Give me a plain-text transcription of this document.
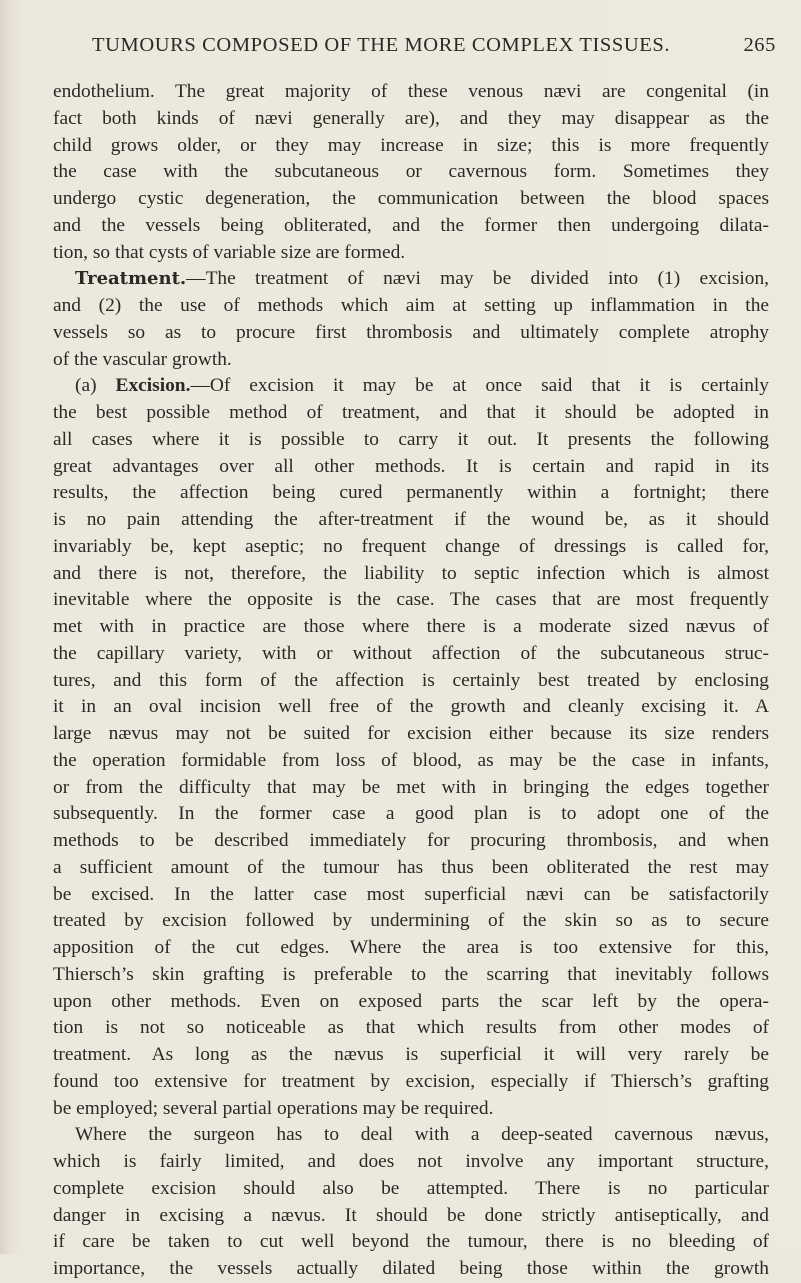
TUMOURS COMPOSED OF THE MORE COMPLEX TISSUES.	265
endothelium. The great majority of these venous nævi are congenital (in
fact both kinds of nævi generally are), and they may disappear as the
child grows older, or they may increase in size; this is more frequently
the case with the subcutaneous or cavernous form. Sometimes they
undergo cystic degeneration, the communication between the blood spaces
and the vessels being obliterated, and the former then undergoing dilata-
tion, so that cysts of variable size are formed.
Treatment.—The treatment of nævi may be divided into (1) excision,
and (2) the use of methods which aim at setting up inflammation in the
vessels so as to procure first thrombosis and ultimately complete atrophy
of the vascular growth.
(a) Excision.—Of excision it may be at once said that it is certainly
the best possible method of treatment, and that it should be adopted in
all cases where it is possible to carry it out. It presents the following
great advantages over all other methods. It is certain and rapid in its
results, the affection being cured permanently within a fortnight; there
is no pain attending the after-treatment if the wound be, as it should
invariably be, kept aseptic; no frequent change of dressings is called for,
and there is not, therefore, the liability to septic infection which is almost
inevitable where the opposite is the case. The cases that are most frequently
met with in practice are those where there is a moderate sized nævus of
the capillary variety, with or without affection of the subcutaneous struc-
tures, and this form of the affection is certainly best treated by enclosing
it in an oval incision well free of the growth and cleanly excising it. A
large nævus may not be suited for excision either because its size renders
the operation formidable from loss of blood, as may be the case in infants,
or from the difficulty that may be met with in bringing the edges together
subsequently. In the former case a good plan is to adopt one of the
methods to be described immediately for procuring thrombosis, and when
a sufficient amount of the tumour has thus been obliterated the rest may
be excised. In the latter case most superficial nævi can be satisfactorily
treated by excision followed by undermining of the skin so as to secure
apposition of the cut edges. Where the area is too extensive for this,
Thiersch’s skin grafting is preferable to the scarring that inevitably follows
upon other methods. Even on exposed parts the scar left by the opera-
tion is not so noticeable as that which results from other modes of
treatment. As long as the nævus is superficial it will very rarely be
found too extensive for treatment by excision, especially if Thiersch’s grafting
be employed; several partial operations may be required.
Where the surgeon has to deal with a deep-seated cavernous nævus,
which is fairly limited, and does not involve any important structure,
complete excision should also be attempted. There is no particular
danger in excising a nævus. It should be done strictly antiseptically, and
if care be taken to cut well beyond the tumour, there is no bleeding of
importance, the vessels actually dilated being those within the growth
